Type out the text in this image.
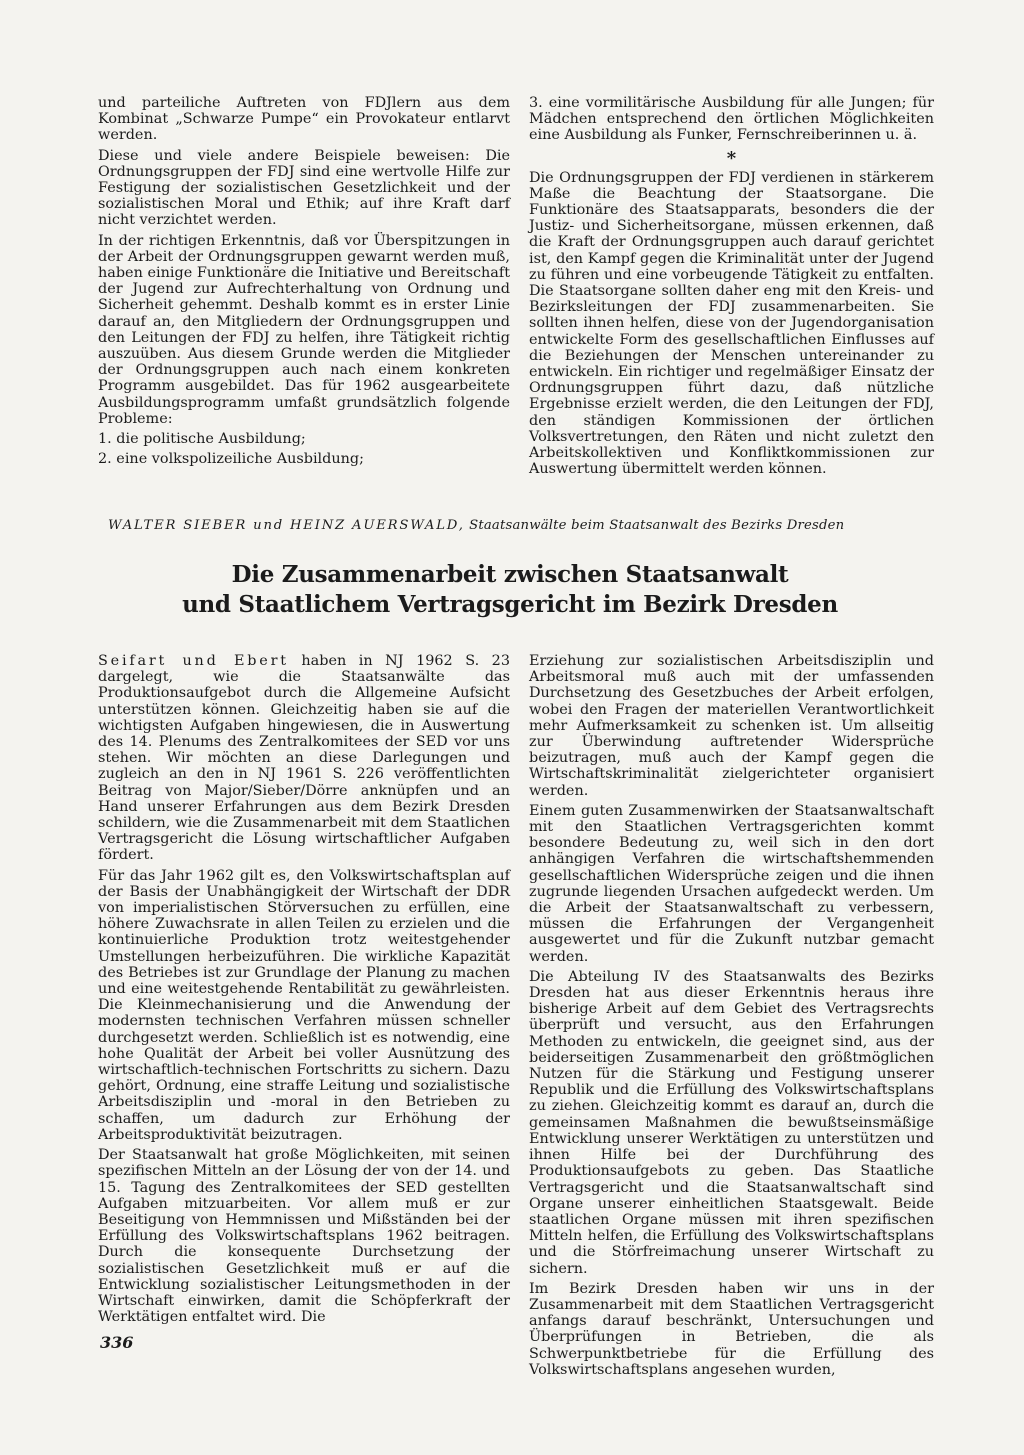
und parteiliche Auftreten von FDJlern aus dem Kombinat „Schwarze Pumpe“ ein Provokateur entlarvt werden.

Diese und viele andere Beispiele beweisen: Die Ordnungsgruppen der FDJ sind eine wertvolle Hilfe zur Festigung der sozialistischen Gesetzlichkeit und der sozialistischen Moral und Ethik; auf ihre Kraft darf nicht verzichtet werden.

In der richtigen Erkenntnis, daß vor Überspitzungen in der Arbeit der Ordnungsgruppen gewarnt werden muß, haben einige Funktionäre die Initiative und Bereitschaft der Jugend zur Aufrechterhaltung von Ordnung und Sicherheit gehemmt. Deshalb kommt es in erster Linie darauf an, den Mitgliedern der Ordnungsgruppen und den Leitungen der FDJ zu helfen, ihre Tätigkeit richtig auszuüben. Aus diesem Grunde werden die Mitglieder der Ordnungsgruppen auch nach einem konkreten Programm ausgebildet. Das für 1962 ausgearbeitete Ausbildungsprogramm umfaßt grundsätzlich folgende Probleme:

1. die politische Ausbildung;

2. eine volkspolizeiliche Ausbildung;

3. eine vormilitärische Ausbildung für alle Jungen; für Mädchen entsprechend den örtlichen Möglichkeiten eine Ausbildung als Funker, Fernschreiberinnen u. ä.

*

Die Ordnungsgruppen der FDJ verdienen in stärkerem Maße die Beachtung der Staatsorgane. Die Funktionäre des Staatsapparats, besonders die der Justiz- und Sicherheitsorgane, müssen erkennen, daß die Kraft der Ordnungsgruppen auch darauf gerichtet ist, den Kampf gegen die Kriminalität unter der Jugend zu führen und eine vorbeugende Tätigkeit zu entfalten. Die Staatsorgane sollten daher eng mit den Kreis- und Bezirksleitungen der FDJ zusammenarbeiten. Sie sollten ihnen helfen, diese von der Jugendorganisation entwickelte Form des gesellschaftlichen Einflusses auf die Beziehungen der Menschen untereinander zu entwickeln. Ein richtiger und regelmäßiger Einsatz der Ordnungsgruppen führt dazu, daß nützliche Ergebnisse erzielt werden, die den Leitungen der FDJ, den ständigen Kommissionen der örtlichen Volksvertretungen, den Räten und nicht zuletzt den Arbeitskollektiven und Konfliktkommissionen zur Auswertung übermittelt werden können.

WALTER SIEBER und HEINZ AUERSWALD, Staatsanwälte beim Staatsanwalt des Bezirks Dresden
Die Zusammenarbeit zwischen Staatsanwalt
und Staatlichem Vertragsgericht im Bezirk Dresden

Seifart und Ebert haben in NJ 1962 S. 23 dargelegt, wie die Staatsanwälte das Produktionsaufgebot durch die Allgemeine Aufsicht unterstützen können. Gleichzeitig haben sie auf die wichtigsten Aufgaben hingewiesen, die in Auswertung des 14. Plenums des Zentralkomitees der SED vor uns stehen. Wir möchten an diese Darlegungen und zugleich an den in NJ 1961 S. 226 veröffentlichten Beitrag von Major/Sieber/Dörre anknüpfen und an Hand unserer Erfahrungen aus dem Bezirk Dresden schildern, wie die Zusammenarbeit mit dem Staatlichen Vertragsgericht die Lösung wirtschaftlicher Aufgaben fördert.

Für das Jahr 1962 gilt es, den Volkswirtschaftsplan auf der Basis der Unabhängigkeit der Wirtschaft der DDR von imperialistischen Störversuchen zu erfüllen, eine höhere Zuwachsrate in allen Teilen zu erzielen und die kontinuierliche Produktion trotz weitestgehender Umstellungen herbeizuführen. Die wirkliche Kapazität des Betriebes ist zur Grundlage der Planung zu machen und eine weitestgehende Rentabilität zu gewährleisten. Die Kleinmechanisierung und die Anwendung der modernsten technischen Verfahren müssen schneller durchgesetzt werden. Schließlich ist es notwendig, eine hohe Qualität der Arbeit bei voller Ausnützung des wirtschaftlich-technischen Fortschritts zu sichern. Dazu gehört, Ordnung, eine straffe Leitung und sozialistische Arbeitsdisziplin und -moral in den Betrieben zu schaffen, um dadurch zur Erhöhung der Arbeitsproduktivität beizutragen.

Der Staatsanwalt hat große Möglichkeiten, mit seinen spezifischen Mitteln an der Lösung der von der 14. und 15. Tagung des Zentralkomitees der SED gestellten Aufgaben mitzuarbeiten. Vor allem muß er zur Beseitigung von Hemmnissen und Mißständen bei der Erfüllung des Volkswirtschaftsplans 1962 beitragen. Durch die konsequente Durchsetzung der sozialistischen Gesetzlichkeit muß er auf die Entwicklung sozialistischer Leitungsmethoden in der Wirtschaft einwirken, damit die Schöpferkraft der Werktätigen entfaltet wird. Die

Erziehung zur sozialistischen Arbeitsdisziplin und Arbeitsmoral muß auch mit der umfassenden Durchsetzung des Gesetzbuches der Arbeit erfolgen, wobei den Fragen der materiellen Verantwortlichkeit mehr Aufmerksamkeit zu schenken ist. Um allseitig zur Überwindung auftretender Widersprüche beizutragen, muß auch der Kampf gegen die Wirtschaftskriminalität zielgerichteter organisiert werden.

Einem guten Zusammenwirken der Staatsanwaltschaft mit den Staatlichen Vertragsgerichten kommt besondere Bedeutung zu, weil sich in den dort anhängigen Verfahren die wirtschaftshemmenden gesellschaftlichen Widersprüche zeigen und die ihnen zugrunde liegenden Ursachen aufgedeckt werden. Um die Arbeit der Staatsanwaltschaft zu verbessern, müssen die Erfahrungen der Vergangenheit ausgewertet und für die Zukunft nutzbar gemacht werden.

Die Abteilung IV des Staatsanwalts des Bezirks Dresden hat aus dieser Erkenntnis heraus ihre bisherige Arbeit auf dem Gebiet des Vertragsrechts überprüft und versucht, aus den Erfahrungen Methoden zu entwickeln, die geeignet sind, aus der beiderseitigen Zusammenarbeit den größtmöglichen Nutzen für die Stärkung und Festigung unserer Republik und die Erfüllung des Volkswirtschaftsplans zu ziehen. Gleichzeitig kommt es darauf an, durch die gemeinsamen Maßnahmen die bewußtseinsmäßige Entwicklung unserer Werktätigen zu unterstützen und ihnen Hilfe bei der Durchführung des Produktionsaufgebots zu geben. Das Staatliche Vertragsgericht und die Staatsanwaltschaft sind Organe unserer einheitlichen Staatsgewalt. Beide staatlichen Organe müssen mit ihren spezifischen Mitteln helfen, die Erfüllung des Volkswirtschaftsplans und die Störfreimachung unserer Wirtschaft zu sichern.

Im Bezirk Dresden haben wir uns in der Zusammenarbeit mit dem Staatlichen Vertragsgericht anfangs darauf beschränkt, Untersuchungen und Überprüfungen in Betrieben, die als Schwerpunktbetriebe für die Erfüllung des Volkswirtschaftsplans angesehen wurden,

336
